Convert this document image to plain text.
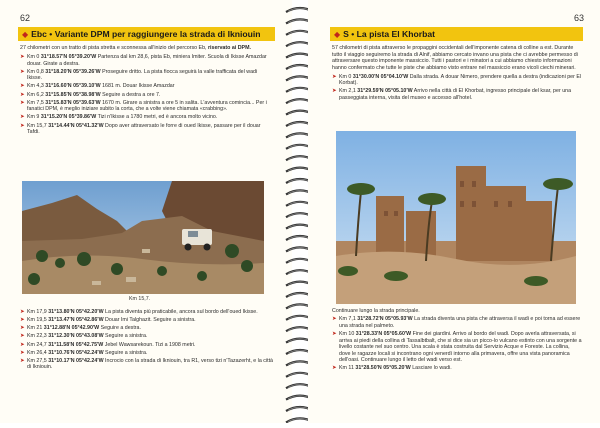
62
◆ Ebc • Variante DPM per raggiungere la strada di Ikniouin
27 chilometri con un tratto di pista stretta e sconnessa all'inizio del percorso Eb, riservato ai DPM.
➤ Km 0 31°18.57'N 05°39.20'W Partenza dal km 28,6, pista Eb, miniera Imiter. Scuola di Ikisse Amazdar douar. Girate a destra.
➤ Km 0,8 31°18.20'N 05°39.26'W Proseguire dritto. La pista fiocca seguirà la valle trafficata del wadi Ikisse.
➤ Km 4,3 31°16.60'N 05°39.10'W 1681 m. Douar Ikisse Amazdar
➤ Km 6,2 31°15.85'N 05°38.98'W Seguire a destra a ore 7.
➤ Km 7,5 31°15.83'N 05°39.63'W 1670 m. Girare a sinistra a ore 5 in salita. L'avventura comincia... Per i fanatici DPM, è meglio iniziare subito la corta, che a volte viene chiamata «crabbing».
➤ Km 9 31°15.20'N 05°39.86'W Tizi n'Ikisse a 1780 metri, ed è ancora molto vicino.
➤ Km 15,7 31°14.44'N 05°41.32'W Dopo aver attraversato le forre di oued Ikisse, passare per il douar Tafdi.
Km 15,7.
➤ Km 17,9 31°13.80'N 05°42.20'W La pista diventa più praticabile, ancora sul bordo dell'oued Ikisse.
➤ Km 19,5 31°13.47'N 05°42.86'W Douar Imi Talghazit. Seguire a sinistra.
➤ Km 21 31°12.88'N 05°42.90'W Seguire a destra.
➤ Km 22,3 31°12.30'N 05°43.08'W Seguire a sinistra.
➤ Km 24,7 31°11.58'N 05°42.75'W Jebel Wawsarekoun. Tizi a 1908 metri.
➤ Km 26,4 31°10.76'N 05°42.24'W Seguire a sinistra.
➤ Km 27,5 31°10.17'N 05°42.24'W Incrocio con la strada di Ikniouin, tra R1, verso tizi n'Tazazerht, e la città di Ikniouin.
63
◆ S • La pista El Khorbat
57 chilometri di pista attraverso le propaggini occidentali dell'imponente catena di colline a est. Durante tutto il viaggio seguiremo la strada di Alnif, abbiamo cercato invano una pista che ci avrebbe permesso di attraversare questo imponente massiccio. Tutti i pastori e i minatori a cui abbiamo chiesto informazioni hanno confermato che tutte le piste che abbiamo visto entrare nel massiccio erano vicoli ciechi minerari.
➤ Km 0 31°30.00'N 05°04.10'W Dalla strada. A douar Nimero, prendere quella a destra (indicazioni per El Korbat).
➤ Km 2,1 31°29.59'N 05°05.10'W Arrivo nella città di El Khorbat, ingresso principale del ksar, per una passeggiata interna, visita del museo e accesso all'hotel.
Continuare lungo la strada principale.
➤ Km 7,1 31°28.72'N 05°05.93'W La strada diventa una pista che attraversa il wadi e poi torna ad essere una strada nel palmeto.
➤ Km 10 31°28.33'N 05°05.60'W Fine dei giardini. Arrivo al bordo del wadi. Dopo averla attraversata, si arriva ai piedi della collina di Tassalbtbalt, che si dice sia un picco-lo vulcano estinto con una sorgente a livello costante nel suo centro. Una scala è stata costruita dal Servizio Acque e Foreste. La collina, dove le ragazze locali si incontrano ogni venerdì intorno alla primavera, offre una vista panoramica dell'oasi. Continuare lungo il letto del wadi verso est.
➤ Km 11 31°28.50'N 05°05.20'W Lasciare lo wadi.
